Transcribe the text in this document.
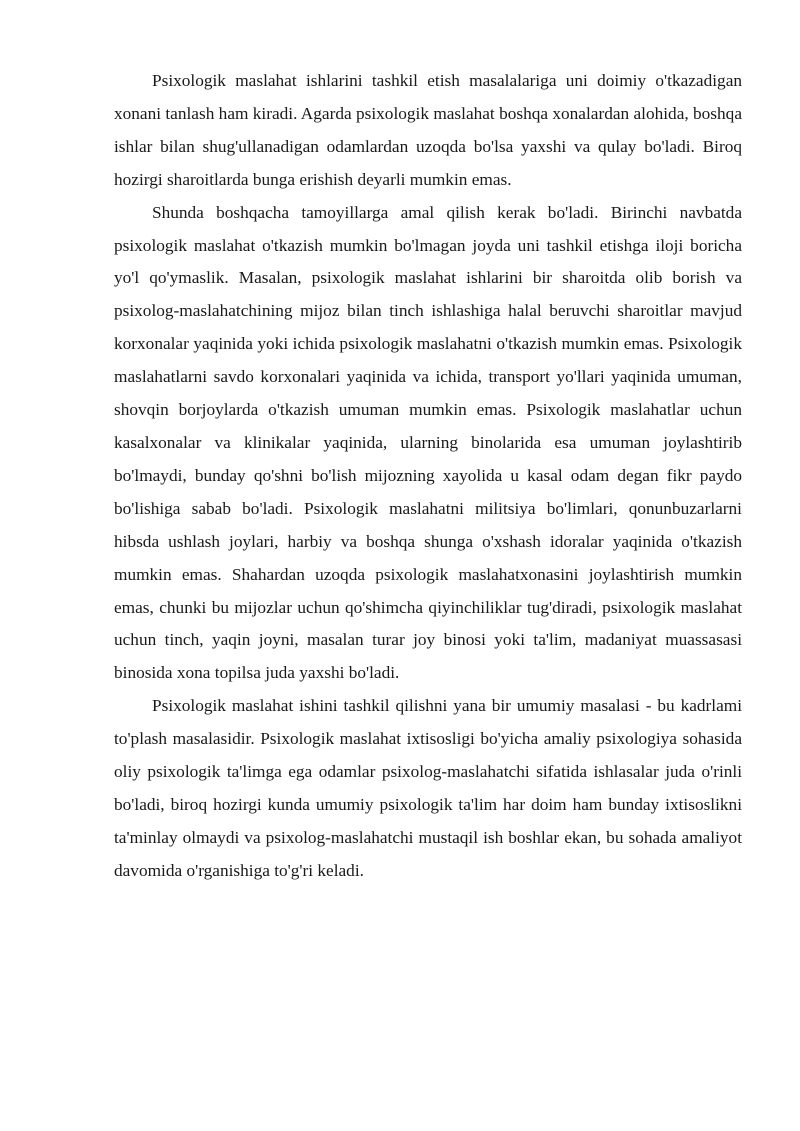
Psixologik maslahat ishlarini tashkil etish masalalariga uni doimiy o'tkazadigan xonani tanlash ham kiradi. Agarda psixologik maslahat boshqa xonalardan alohida, boshqa ishlar bilan shug'ullanadigan odamlardan uzoqda bo'lsa yaxshi va qulay bo'ladi. Biroq hozirgi sharoitlarda bunga erishish deyarli mumkin emas.

Shunda boshqacha tamoyillarga amal qilish kerak bo'ladi. Birinchi navbatda psixologik maslahat o'tkazish mumkin bo'lmagan joyda uni tashkil etishga iloji boricha yo'l qo'ymaslik. Masalan, psixologik maslahat ishlarini bir sharoitda olib borish va psixolog-maslahatchining mijoz bilan tinch ishlashiga halal beruvchi sharoitlar mavjud korxonalar yaqinida yoki ichida psixologik maslahatni o'tkazish mumkin emas. Psixologik maslahatlarni savdo korxonalari yaqinida va ichida, transport yo'llari yaqinida umuman, shovqin borjoylarda o'tkazish umuman mumkin emas. Psixologik maslahatlar uchun kasalxonalar va klinikalar yaqinida, ularning binolarida esa umuman joylashtirib bo'lmaydi, bunday qo'shni bo'lish mijozning xayolida u kasal odam degan fikr paydo bo'lishiga sabab bo'ladi. Psixologik maslahatni militsiya bo'limlari, qonunbuzarlarni hibsda ushlash joylari, harbiy va boshqa shunga o'xshash idoralar yaqinida o'tkazish mumkin emas. Shahardan uzoqda psixologik maslahatxonasini joylashtirish mumkin emas, chunki bu mijozlar uchun qo'shimcha qiyinchiliklar tug'diradi, psixologik maslahat uchun tinch, yaqin joyni, masalan turar joy binosi yoki ta'lim, madaniyat muassasasi binosida xona topilsa juda yaxshi bo'ladi.

Psixologik maslahat ishini tashkil qilishni yana bir umumiy masalasi - bu kadrlami to'plash masalasidir. Psixologik maslahat ixtisosligi bo'yicha amaliy psixologiya sohasida oliy psixologik ta'limga ega odamlar psixolog-maslahatchi sifatida ishlasalar juda o'rinli bo'ladi, biroq hozirgi kunda umumiy psixologik ta'lim har doim ham bunday ixtisoslikni ta'minlay olmaydi va psixolog-maslahatchi mustaqil ish boshlar ekan, bu sohada amaliyot davomida o'rganishiga to'g'ri keladi.
